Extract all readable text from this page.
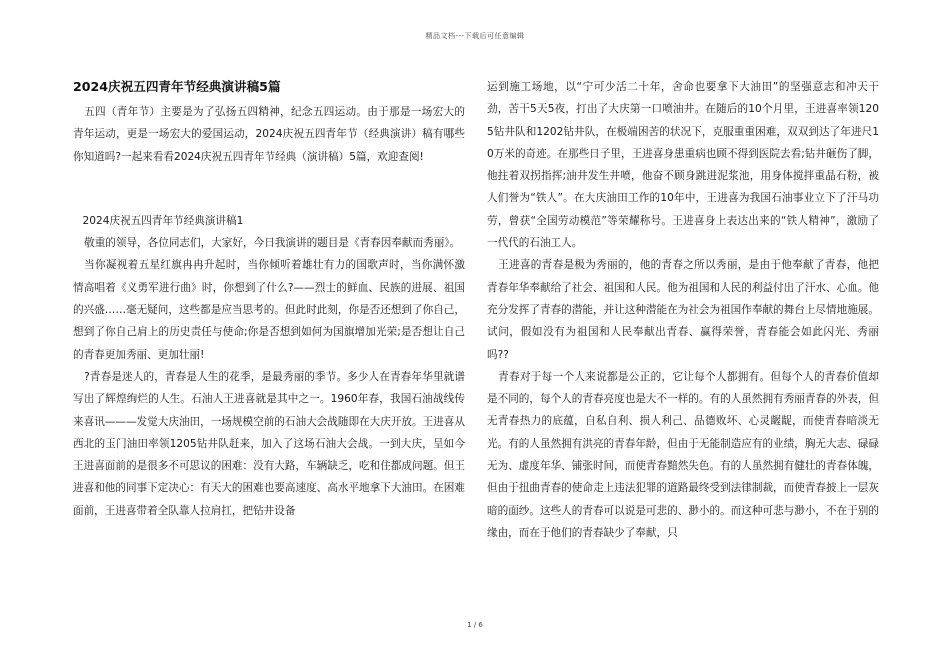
精品文档---下载后可任意编辑
2024庆祝五四青年节经典演讲稿5篇

五四（青年节）主要是为了弘扬五四精神，纪念五四运动。由于那是一场宏大的青年运动，更是一场宏大的爱国运动，2024庆祝五四青年节（经典演讲）稿有哪些你知道吗?一起来看看2024庆祝五四青年节经典（演讲稿）5篇，欢迎查阅!

2024庆祝五四青年节经典演讲稿1

敬重的领导，各位同志们，大家好，今日我演讲的题目是《青春因奉献而秀丽》。

当你凝视着五星红旗冉冉升起时，当你倾听着雄壮有力的国歌声时，当你满怀激情高唱着《义勇军进行曲》时，你想到了什么?——烈士的鲜血、民族的进展、祖国的兴盛……毫无疑问，这些都是应当思考的。但此时此刻，你是否还想到了你自己，想到了你自己肩上的历史责任与使命;你是否想到如何为国旗增加光荣;是否想让自己的青春更加秀丽、更加壮丽!

?青春是迷人的，青春是人生的花季，是最秀丽的季节。多少人在青春年华里就谱写出了辉煌绚烂的人生。石油人王进喜就是其中之一。1960年春，我国石油战线传来喜讯———发觉大庆油田，一场规模空前的石油大会战随即在大庆开放。王进喜从西北的玉门油田率领1205钻井队赶来，加入了这场石油大会战。一到大庆，呈如今王进喜面前的是很多不可思议的困难：没有大路，车辆缺乏，吃和住都成问题。但王进喜和他的同事下定决心：有天大的困难也要高速度、高水平地拿下大油田。在困难面前，王进喜带着全队靠人拉肩扛，把钻井设备

运到施工场地，以“宁可少活二十年，舍命也要拿下大油田”的坚强意志和冲天干劲，苦干5天5夜，打出了大庆第一口喷油井。在随后的10个月里，王进喜率领1205钻井队和1202钻井队，在极端困苦的状况下，克服重重困难，双双到达了年进尺10万米的奇迹。在那些日子里，王进喜身患重病也顾不得到医院去看;钻井砸伤了脚，他拄着双拐指挥;油井发生井喷，他奋不顾身跳进泥浆池，用身体搅拌重晶石粉，被人们誉为“铁人”。在大庆油田工作的10年中，王进喜为我国石油事业立下了汗马功劳，曾获“全国劳动模范”等荣耀称号。王进喜身上表达出来的“铁人精神”，激励了一代代的石油工人。

王进喜的青春是极为秀丽的，他的青春之所以秀丽，是由于他奉献了青春，他把青春年华奉献给了社会、祖国和人民。他为祖国和人民的利益付出了汗水、心血。他充分发挥了青春的潜能，并让这种潜能在为社会为祖国作奉献的舞台上尽情地施展。试问，假如没有为祖国和人民奉献出青春、赢得荣誉，青春能会如此闪光、秀丽吗??

青春对于每一个人来说都是公正的，它让每个人都拥有。但每个人的青春价值却是不同的，每个人的青春亮度也是大不一样的。有的人虽然拥有秀丽青春的外表，但无青春热力的底蕴，自私自利、损人利己、品德败坏、心灵龌龊，而使青春暗淡无光。有的人虽然拥有洪亮的青春年龄，但由于无能制造应有的业绩，胸无大志、碌碌无为、虚度年华、铺张时间，而使青春黯然失色。有的人虽然拥有健壮的青春体魄，但由于扭曲青春的使命走上违法犯罪的道路最终受到法律制裁，而使青春披上一层灰暗的面纱。这些人的青春可以说是可悲的、渺小的。而这种可悲与渺小，不在于别的缘由，而在于他们的青春缺少了奉献，只

1 / 6
